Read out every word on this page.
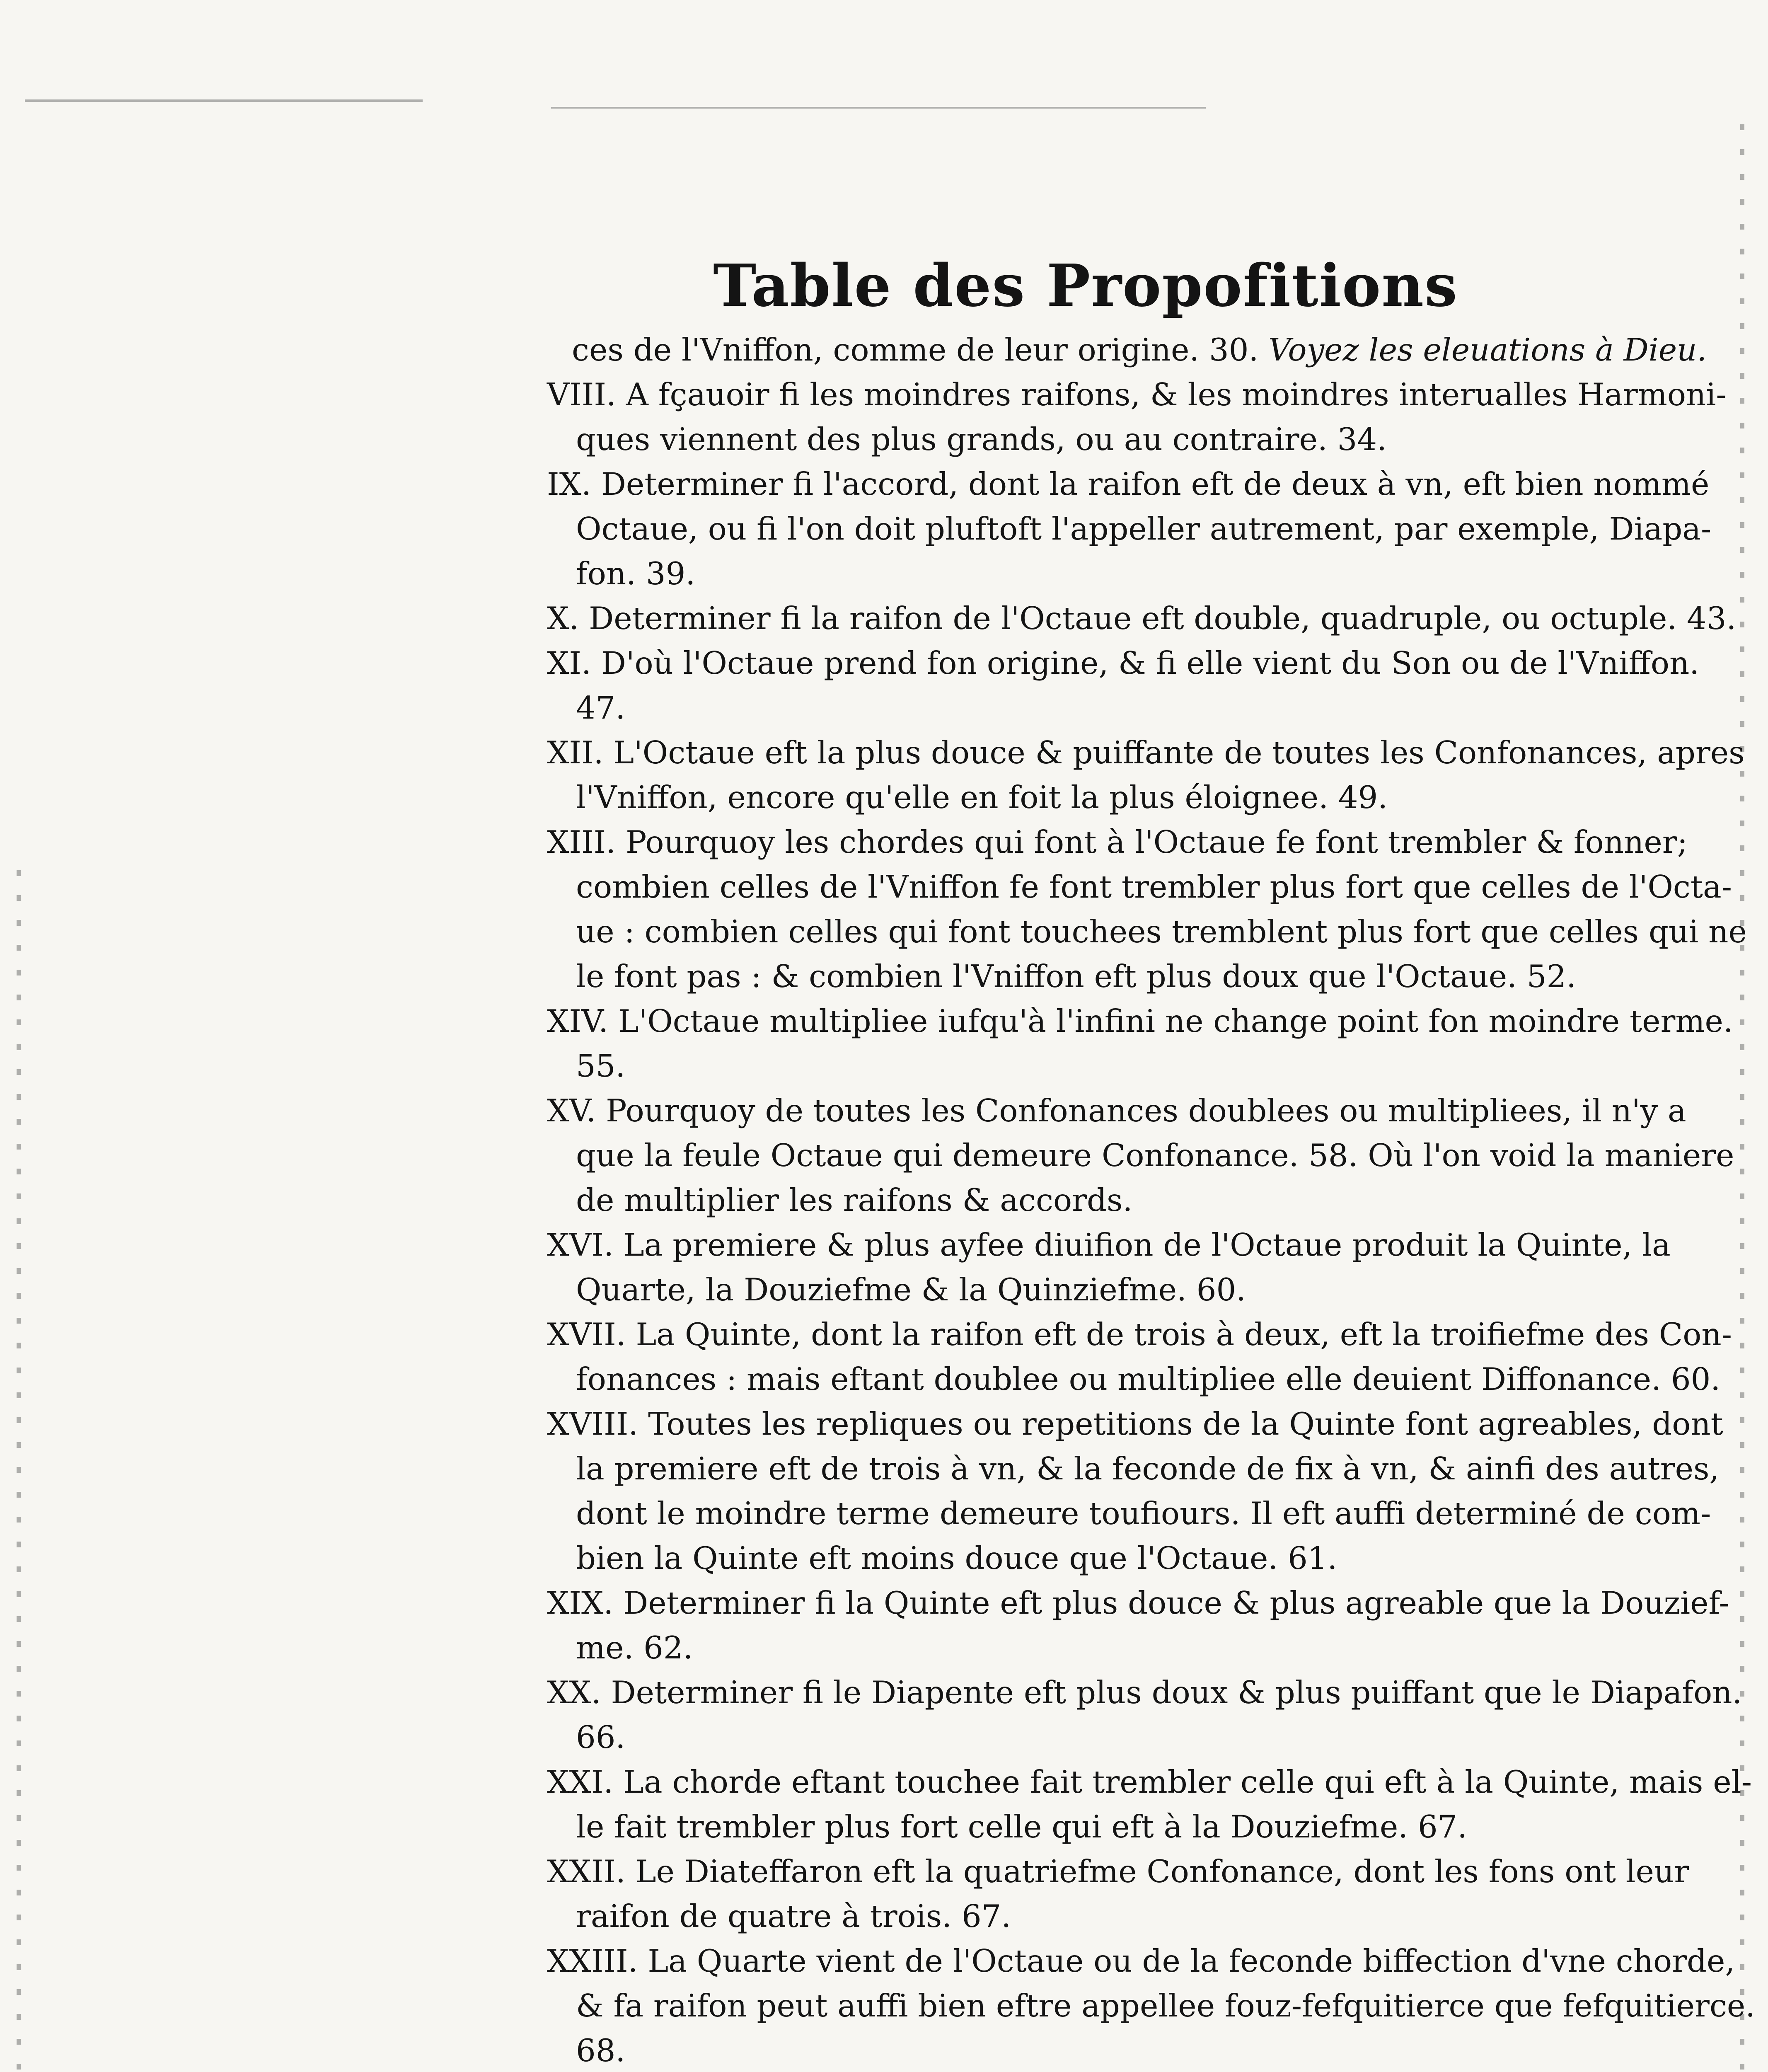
Table des Propofitions
ces de l'Vniffon, comme de leur origine. 30. Voyez les eleuations à Dieu.
VIII. A fçauoir fi les moindres raifons, & les moindres interualles Harmoni-
ques viennent des plus grands, ou au contraire. 34.
IX. Determiner fi l'accord, dont la raifon eft de deux à vn, eft bien nommé
Octaue, ou fi l'on doit pluftoft l'appeller autrement, par exemple, Diapa-
fon. 39.
X. Determiner fi la raifon de l'Octaue eft double, quadruple, ou octuple. 43.
XI. D'où l'Octaue prend fon origine, & fi elle vient du Son ou de l'Vniffon.
47.
XII. L'Octaue eft la plus douce & puiffante de toutes les Confonances, apres
l'Vniffon, encore qu'elle en foit la plus éloignee. 49.
XIII. Pourquoy les chordes qui font à l'Octaue fe font trembler & fonner;
combien celles de l'Vniffon fe font trembler plus fort que celles de l'Octa-
ue : combien celles qui font touchees tremblent plus fort que celles qui ne
le font pas : & combien l'Vniffon eft plus doux que l'Octaue. 52.
XIV. L'Octaue multipliee iufqu'à l'infini ne change point fon moindre terme.
55.
XV. Pourquoy de toutes les Confonances doublees ou multipliees, il n'y a
que la feule Octaue qui demeure Confonance. 58. Où l'on void la maniere
de multiplier les raifons & accords.
XVI. La premiere & plus ayfee diuifion de l'Octaue produit la Quinte, la
Quarte, la Douziefme & la Quinziefme. 60.
XVII. La Quinte, dont la raifon eft de trois à deux, eft la troifiefme des Con-
fonances : mais eftant doublee ou multipliee elle deuient Diffonance. 60.
XVIII. Toutes les repliques ou repetitions de la Quinte font agreables, dont
la premiere eft de trois à vn, & la feconde de fix à vn, & ainfi des autres,
dont le moindre terme demeure toufiours. Il eft auffi determiné de com-
bien la Quinte eft moins douce que l'Octaue. 61.
XIX. Determiner fi la Quinte eft plus douce & plus agreable que la Douzief-
me. 62.
XX. Determiner fi le Diapente eft plus doux & plus puiffant que le Diapafon.
66.
XXI. La chorde eftant touchee fait trembler celle qui eft à la Quinte, mais el-
le fait trembler plus fort celle qui eft à la Douziefme. 67.
XXII. Le Diateffaron eft la quatriefme Confonance, dont les fons ont leur
raifon de quatre à trois. 67.
XXIII. La Quarte vient de l'Octaue ou de la feconde biffection d'vne chorde,
& fa raifon peut auffi bien eftre appellee fouz-fefquitierce que fefquitierce.
68.
